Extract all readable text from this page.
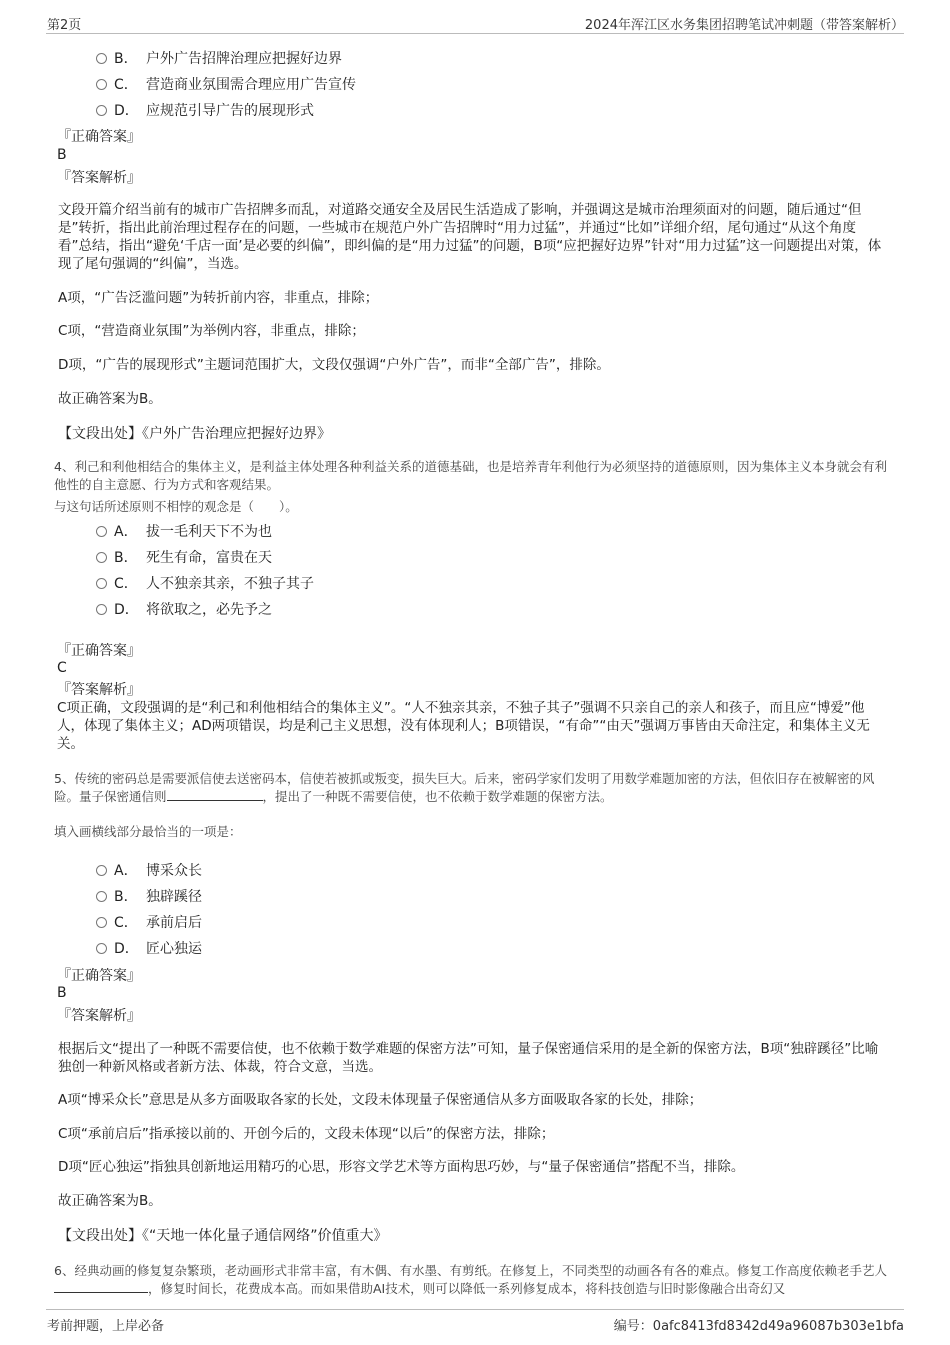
第2页	2024年浑江区水务集团招聘笔试冲刺题（带答案解析）
B． 户外广告招牌治理应把握好边界
C． 营造商业氛围需合理应用广告宣传
D． 应规范引导广告的展现形式
『正确答案』
B
『答案解析』
文段开篇介绍当前有的城市广告招牌多而乱，对道路交通安全及居民生活造成了影响，并强调这是城市治理须面对的问题，随后通过“但是”转折，指出此前治理过程存在的问题，一些城市在规范户外广告招牌时“用力过猛”，并通过“比如”详细介绍，尾句通过“从这个角度看”总结，指出“避免‘千店一面’是必要的纠偏”，即纠偏的是“用力过猛”的问题，B项“应把握好边界”针对“用力过猛”这一问题提出对策，体现了尾句强调的“纠偏”，当选。
A项，“广告泛滥问题”为转折前内容，非重点，排除；
C项，“营造商业氛围”为举例内容，非重点，排除；
D项，“广告的展现形式”主题词范围扩大，文段仅强调“户外广告”，而非“全部广告”，排除。
故正确答案为B。
【文段出处】《户外广告治理应把握好边界》
4、利己和利他相结合的集体主义，是利益主体处理各种利益关系的道德基础，也是培养青年利他行为必须坚持的道德原则，因为集体主义本身就会有利他性的自主意愿、行为方式和客观结果。
与这句话所述原则不相悖的观念是（　　）。
A． 拔一毛利天下不为也
B． 死生有命，富贵在天
C． 人不独亲其亲，不独子其子
D． 将欲取之，必先予之
『正确答案』
C
『答案解析』
C项正确，文段强调的是“利己和利他相结合的集体主义”。“人不独亲其亲，不独子其子”强调不只亲自己的亲人和孩子，而且应“博爱”他人，体现了集体主义；AD两项错误，均是利己主义思想，没有体现利人；B项错误，“有命”“由天”强调万事皆由天命注定，和集体主义无关。
5、传统的密码总是需要派信使去送密码本，信使若被抓或叛变，损失巨大。后来，密码学家们发明了用数学难题加密的方法，但依旧存在被解密的风险。量子保密通信则	，提出了一种既不需要信使，也不依赖于数学难题的保密方法。
填入画横线部分最恰当的一项是：
A． 博采众长
B． 独辟蹊径
C． 承前启后
D． 匠心独运
『正确答案』
B
『答案解析』
根据后文“提出了一种既不需要信使，也不依赖于数学难题的保密方法”可知，量子保密通信采用的是全新的保密方法，B项“独辟蹊径”比喻独创一种新风格或者新方法、体裁，符合文意，当选。
A项“博采众长”意思是从多方面吸取各家的长处，文段未体现量子保密通信从多方面吸取各家的长处，排除；
C项“承前启后”指承接以前的、开创今后的，文段未体现“以后”的保密方法，排除；
D项“匠心独运”指独具创新地运用精巧的心思，形容文学艺术等方面构思巧妙，与“量子保密通信”搭配不当，排除。
故正确答案为B。
【文段出处】《“天地一体化量子通信网络”价值重大》
6、经典动画的修复复杂繁琐，老动画形式非常丰富，有木偶、有水墨、有剪纸。在修复上，不同类型的动画各有各的难点。修复工作高度依赖老手艺人，修复时间长，花费成本高。而如果借助AI技术，则可以降低一系列修复成本，将科技创造与旧时影像融合出奇幻又
考前押题，上岸必备	编号：0afc8413fd8342d49a96087b303e1bfa
